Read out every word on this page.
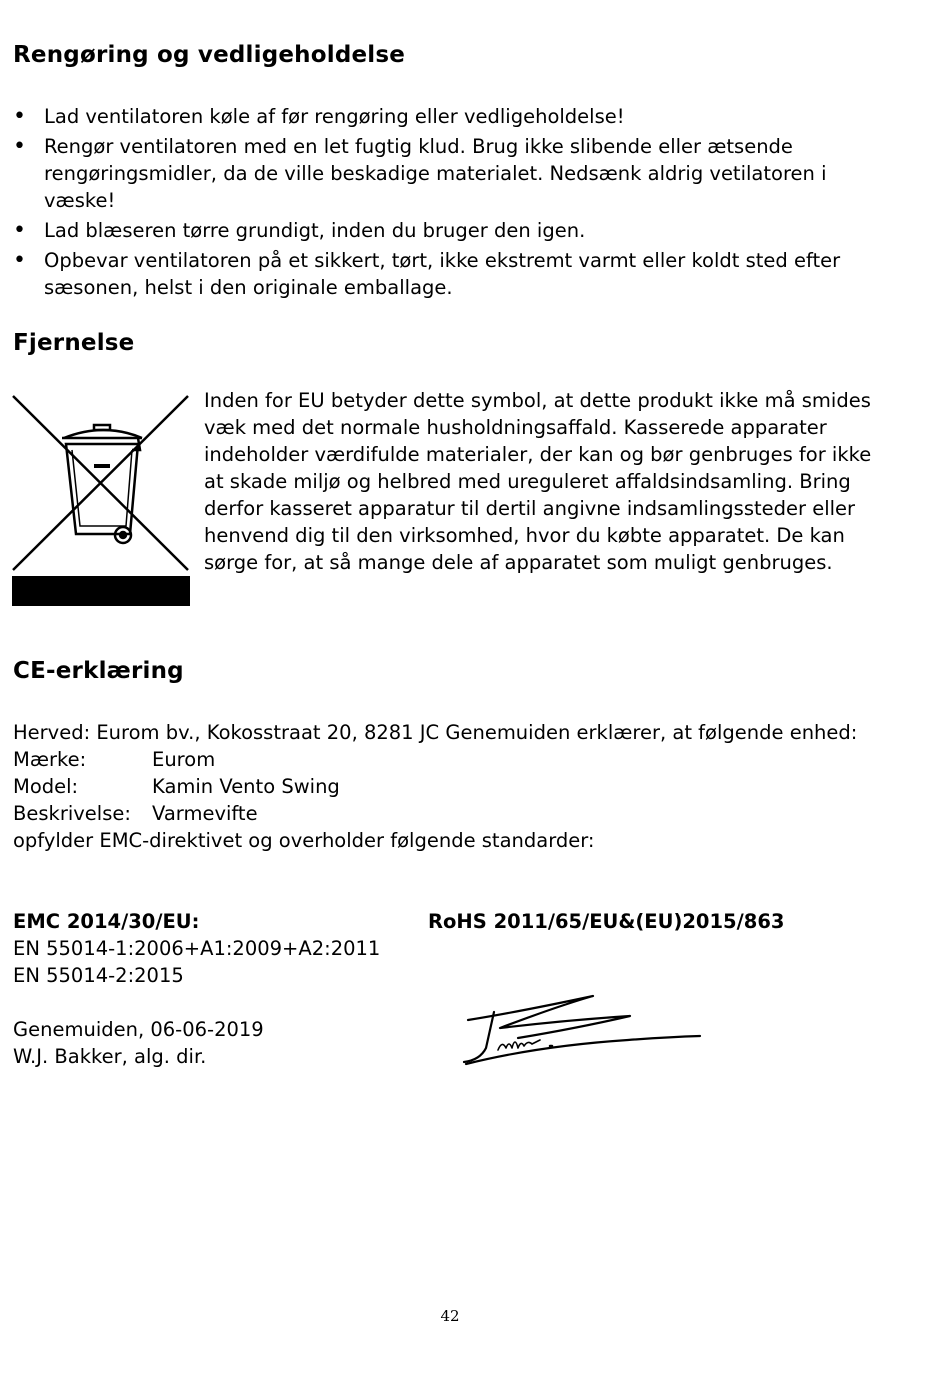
Rengøring og vedligeholdelse
• Lad ventilatoren køle af før rengøring eller vedligeholdelse!
• Rengør ventilatoren med en let fugtig klud. Brug ikke slibende eller ætsende rengøringsmidler, da de ville beskadige materialet. Nedsænk aldrig vetilatoren i væske!
• Lad blæseren tørre grundigt, inden du bruger den igen.
• Opbevar ventilatoren på et sikkert, tørt, ikke ekstremt varmt eller koldt sted efter sæsonen, helst i den originale emballage.
Fjernelse

Inden for EU betyder dette symbol, at dette produkt ikke må smides væk med det normale husholdningsaffald. Kasserede apparater indeholder værdifulde materialer, der kan og bør genbruges for ikke at skade miljø og helbred med ureguleret affaldsindsamling. Bring derfor kasseret apparatur til dertil angivne indsamlingssteder eller henvend dig til den virksomhed, hvor du købte apparatet. De kan sørge for, at så mange dele af apparatet som muligt genbruges.

CE-erklæring
Herved: Eurom bv., Kokosstraat 20, 8281 JC Genemuiden erklærer, at følgende enhed:
Mærke:	Eurom
Model:	Kamin Vento Swing
Beskrivelse:	Varmevifte
opfylder EMC-direktivet og overholder følgende standarder:
EMC 2014/30/EU:
EN 55014-1:2006+A1:2009+A2:2011
EN 55014-2:2015
RoHS 2011/65/EU&(EU)2015/863
Genemuiden, 06-06-2019
W.J. Bakker, alg. dir.
42
